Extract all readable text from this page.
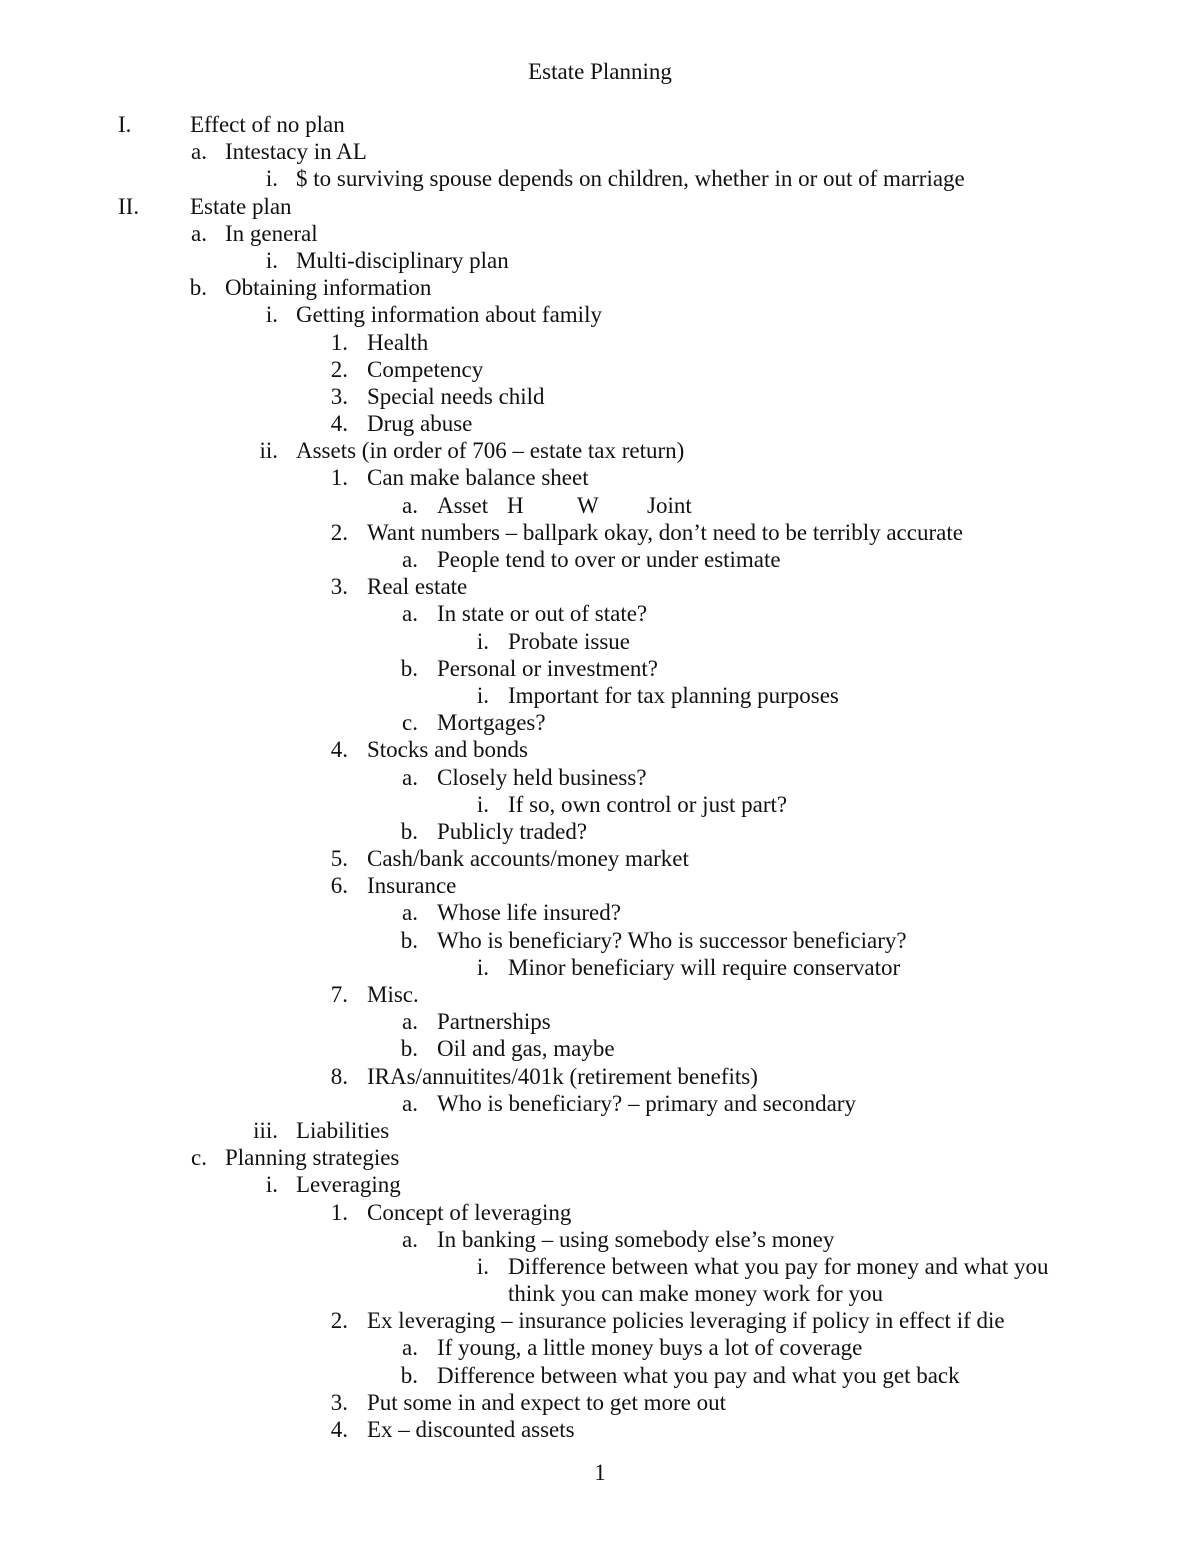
Estate Planning
I.	Effect of no plan
a. Intestacy in AL
i. $ to surviving spouse depends on children, whether in or out of marriage
II.	Estate plan
a. In general
i. Multi-disciplinary plan
b. Obtaining information
i. Getting information about family
1. Health
2. Competency
3. Special needs child
4. Drug abuse
ii. Assets (in order of 706 – estate tax return)
1. Can make balance sheet
a. Asset H W Joint
2. Want numbers – ballpark okay, don’t need to be terribly accurate
a. People tend to over or under estimate
3. Real estate
a. In state or out of state?
i. Probate issue
b. Personal or investment?
i. Important for tax planning purposes
c. Mortgages?
4. Stocks and bonds
a. Closely held business?
i. If so, own control or just part?
b. Publicly traded?
5. Cash/bank accounts/money market
6. Insurance
a. Whose life insured?
b. Who is beneficiary? Who is successor beneficiary?
i. Minor beneficiary will require conservator
7. Misc.
a. Partnerships
b. Oil and gas, maybe
8. IRAs/annuitites/401k (retirement benefits)
a. Who is beneficiary? – primary and secondary
iii. Liabilities
c. Planning strategies
i. Leveraging
1. Concept of leveraging
a. In banking – using somebody else’s money
i. Difference between what you pay for money and what you think you can make money work for you
2. Ex leveraging – insurance policies leveraging if policy in effect if die
a. If young, a little money buys a lot of coverage
b. Difference between what you pay and what you get back
3. Put some in and expect to get more out
4. Ex – discounted assets
1
